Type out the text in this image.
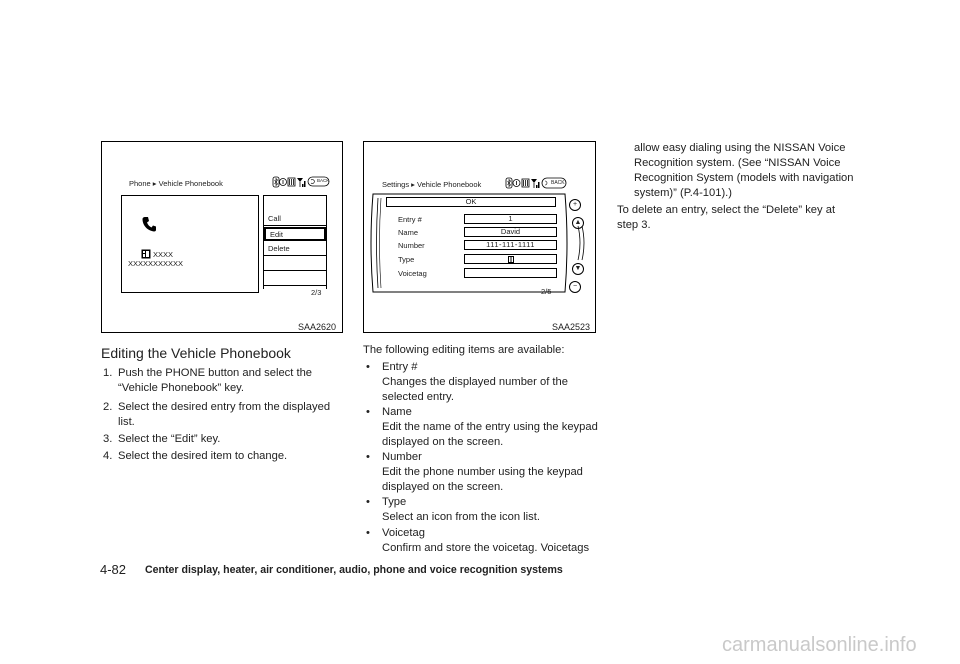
Phone ▸ Vehicle Phonebook	BACK
XXXX
XXXXXXXXXXX
Call
Edit
Delete
2/3
SAA2620
Settings ▸ Vehicle Phonebook	BACK
OK
Entry #	1
Name	David
Number	111-111-1111
Type
Voicetag
2/5
+
▲
▼
−
SAA2523
Editing the Vehicle Phonebook
1. Push the PHONE button and select the
“Vehicle Phonebook” key.
2. Select the desired entry from the displayed
list.
3. Select the “Edit” key.
4. Select the desired item to change.
The following editing items are available:
• Entry #
Changes the displayed number of the
selected entry.
• Name
Edit the name of the entry using the keypad
displayed on the screen.
• Number
Edit the phone number using the keypad
displayed on the screen.
• Type
Select an icon from the icon list.
• Voicetag
Confirm and store the voicetag. Voicetags
allow easy dialing using the NISSAN Voice
Recognition system. (See “NISSAN Voice
Recognition System (models with navigation
system)” (P.4-101).)
To delete an entry, select the “Delete” key at
step 3.
4-82 Center display, heater, air conditioner, audio, phone and voice recognition systems
carmanualsonline.info
